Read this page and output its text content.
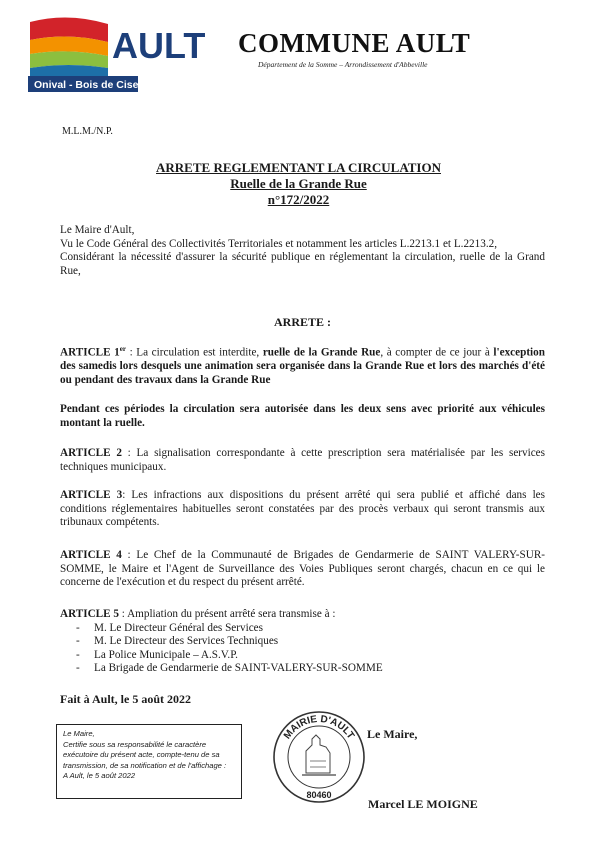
AULT
Onival - Bois de Cise
COMMUNE AULT
Département de la Somme – Arrondissement d'Abbeville
M.L.M./N.P.
ARRETE REGLEMENTANT LA CIRCULATION
Ruelle de la Grande Rue
n°172/2022
Le Maire d'Ault,
Vu le Code Général des Collectivités Territoriales et notamment les articles L.2213.1 et L.2213.2,
Considérant la nécessité d'assurer la sécurité publique en réglementant la circulation, ruelle de la Grand Rue,
ARRETE :
ARTICLE 1er : La circulation est interdite, ruelle de la Grande Rue, à compter de ce jour à l'exception des samedis lors desquels une animation sera organisée dans la Grande Rue et lors des marchés d'été ou pendant des travaux dans la Grande Rue
Pendant ces périodes la circulation sera autorisée dans les deux sens avec priorité aux véhicules montant la ruelle.
ARTICLE 2 : La signalisation correspondante à cette prescription sera matérialisée par les services techniques municipaux.
ARTICLE 3: Les infractions aux dispositions du présent arrêté qui sera publié et affiché dans les conditions réglementaires habituelles seront constatées par des procès verbaux qui seront transmis aux tribunaux compétents.
ARTICLE 4 : Le Chef de la Communauté de Brigades de Gendarmerie de SAINT VALERY-SUR-SOMME, le Maire et l'Agent de Surveillance des Voies Publiques seront chargés, chacun en ce qui le concerne de l'exécution et du respect du présent arrêté.
ARTICLE 5 : Ampliation du présent arrêté sera transmise à :
- M. Le Directeur Général des Services
- M. Le Directeur des Services Techniques
- La Police Municipale – A.S.V.P.
- La Brigade de Gendarmerie de SAINT-VALERY-SUR-SOMME
Fait à Ault, le 5 août 2022
Le Maire,
Certifie sous sa responsabilité le caractère exécutoire du présent acte, compte-tenu de sa transmission, de sa notification et de l'affichage :
A Ault, le 5 août 2022
MAIRIE D'AULT
80460
Le Maire,
Marcel LE MOIGNE
